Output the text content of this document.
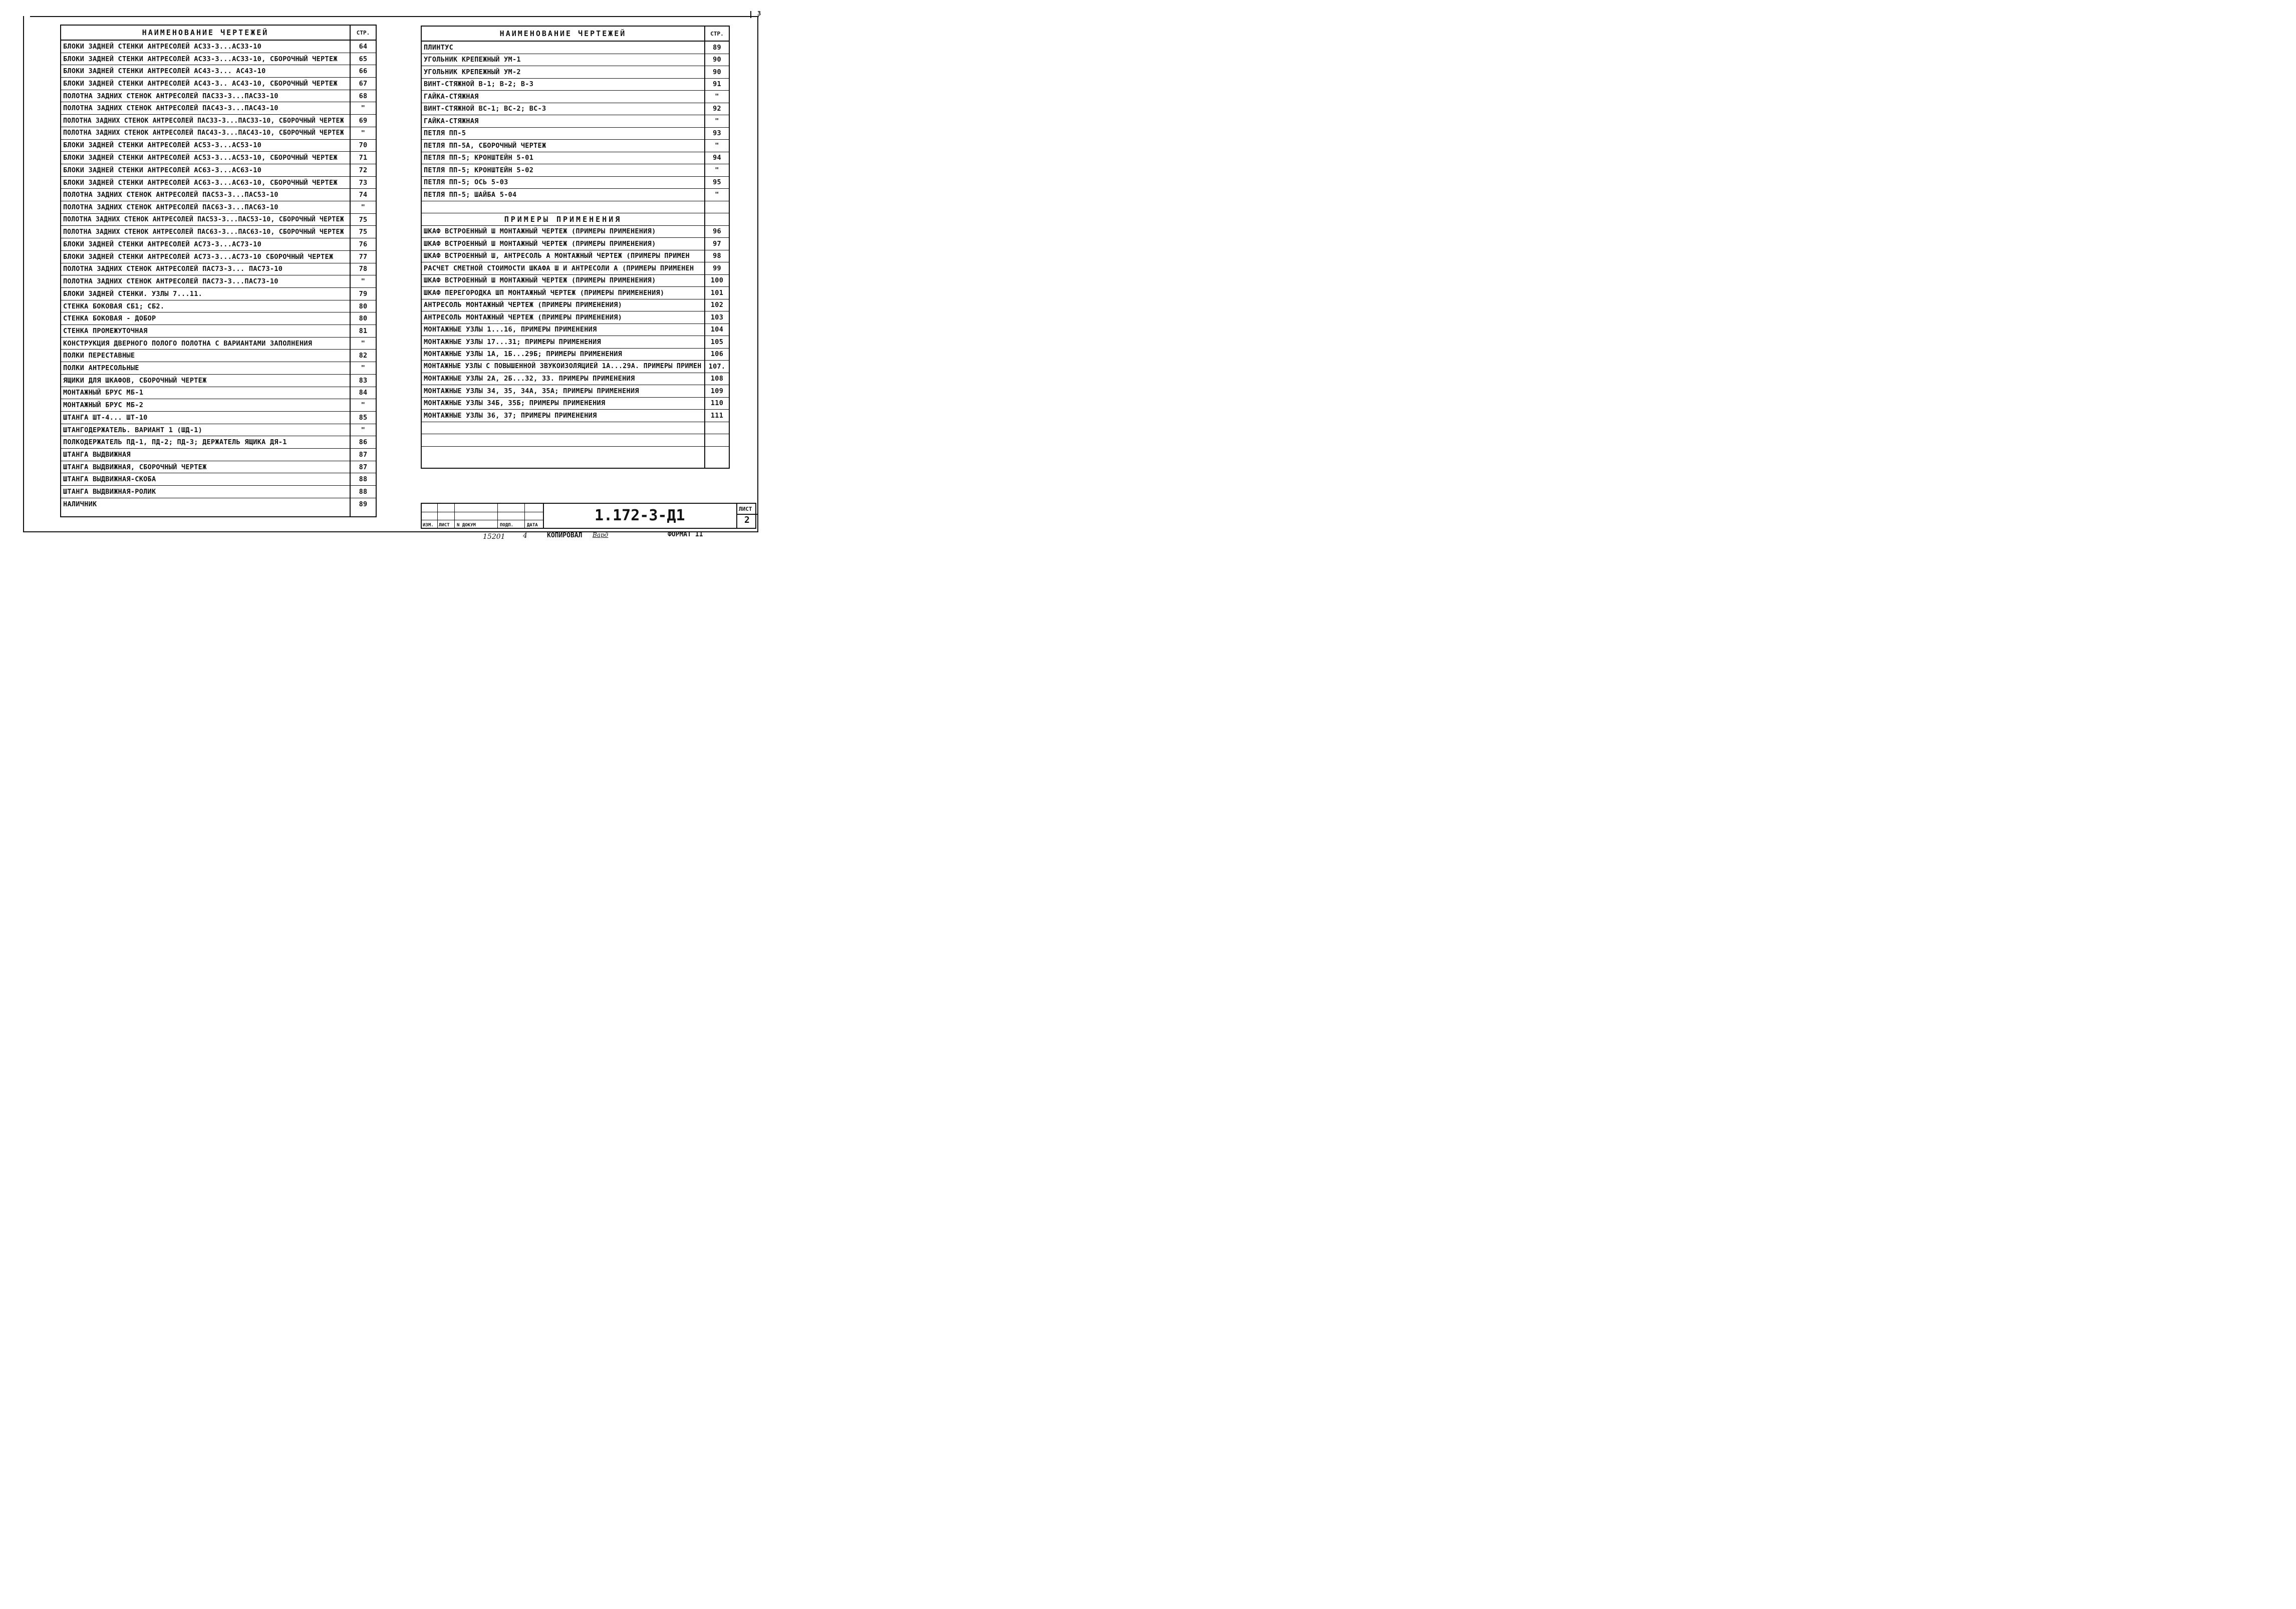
3
НАИМЕНОВАНИЕ ЧЕРТЕЖЕЙ	СТР.
БЛОКИ ЗАДНЕЙ СТЕНКИ АНТРЕСОЛЕЙ АС33-3...АС33-10	64
БЛОКИ ЗАДНЕЙ СТЕНКИ АНТРЕСОЛЕЙ АС33-3...АС33-10, СБОРОЧНЫЙ ЧЕРТЕЖ	65
БЛОКИ ЗАДНЕЙ СТЕНКИ АНТРЕСОЛЕЙ АС43-3... АС43-10	66
БЛОКИ ЗАДНЕЙ СТЕНКИ АНТРЕСОЛЕЙ АС43-3.. АС43-10, СБОРОЧНЫЙ ЧЕРТЕЖ	67
ПОЛОТНА ЗАДНИХ СТЕНОК АНТРЕСОЛЕЙ ПАС33-3...ПАС33-10	68
ПОЛОТНА ЗАДНИХ СТЕНОК АНТРЕСОЛЕЙ ПАС43-3...ПАС43-10	"
ПОЛОТНА ЗАДНИХ СТЕНОК АНТРЕСОЛЕЙ ПАС33-3...ПАС33-10, СБОРОЧНЫЙ ЧЕРТЕЖ	69
ПОЛОТНА ЗАДНИХ СТЕНОК АНТРЕСОЛЕЙ ПАС43-3...ПАС43-10, СБОРОЧНЫЙ ЧЕРТЕЖ	"
БЛОКИ ЗАДНЕЙ СТЕНКИ АНТРЕСОЛЕЙ АС53-3...АС53-10	70
БЛОКИ ЗАДНЕЙ СТЕНКИ АНТРЕСОЛЕЙ АС53-3...АС53-10, СБОРОЧНЫЙ ЧЕРТЕЖ	71
БЛОКИ ЗАДНЕЙ СТЕНКИ АНТРЕСОЛЕЙ АС63-3...АС63-10	72
БЛОКИ ЗАДНЕЙ СТЕНКИ АНТРЕСОЛЕЙ АС63-3...АС63-10, СБОРОЧНЫЙ ЧЕРТЕЖ	73
ПОЛОТНА ЗАДНИХ СТЕНОК АНТРЕСОЛЕЙ ПАС53-3...ПАС53-10	74
ПОЛОТНА ЗАДНИХ СТЕНОК АНТРЕСОЛЕЙ ПАС63-3...ПАС63-10	"
ПОЛОТНА ЗАДНИХ СТЕНОК АНТРЕСОЛЕЙ ПАС53-3...ПАС53-10, СБОРОЧНЫЙ ЧЕРТЕЖ	75
ПОЛОТНА ЗАДНИХ СТЕНОК АНТРЕСОЛЕЙ ПАС63-3...ПАС63-10, СБОРОЧНЫЙ ЧЕРТЕЖ	75
БЛОКИ ЗАДНЕЙ СТЕНКИ АНТРЕСОЛЕЙ АС73-3...АС73-10	76
БЛОКИ ЗАДНЕЙ СТЕНКИ АНТРЕСОЛЕЙ АС73-3...АС73-10 СБОРОЧНЫЙ ЧЕРТЕЖ	77
ПОЛОТНА ЗАДНИХ СТЕНОК АНТРЕСОЛЕЙ ПАС73-3... ПАС73-10	78
ПОЛОТНА ЗАДНИХ СТЕНОК АНТРЕСОЛЕЙ ПАС73-3...ПАС73-10	"
БЛОКИ ЗАДНЕЙ СТЕНКИ. УЗЛЫ 7...11.	79
СТЕНКА БОКОВАЯ СБ1; СБ2.	80
СТЕНКА БОКОВАЯ - ДОБОР	80
СТЕНКА ПРОМЕЖУТОЧНАЯ	81
КОНСТРУКЦИЯ ДВЕРНОГО ПОЛОГО ПОЛОТНА С ВАРИАНТАМИ ЗАПОЛНЕНИЯ	"
ПОЛКИ ПЕРЕСТАВНЫЕ	82
ПОЛКИ АНТРЕСОЛЬНЫЕ	"
ЯЩИКИ ДЛЯ ШКАФОВ, СБОРОЧНЫЙ ЧЕРТЕЖ	83
МОНТАЖНЫЙ БРУС МБ-1	84
МОНТАЖНЫЙ БРУС МБ-2	"
ШТАНГА ШТ-4... ШТ-10	85
ШТАНГОДЕРЖАТЕЛЬ. ВАРИАНТ 1 (ШД-1)	"
ПОЛКОДЕРЖАТЕЛЬ ПД-1, ПД-2; ПД-3; ДЕРЖАТЕЛЬ ЯЩИКА ДЯ-1	86
ШТАНГА ВЫДВИЖНАЯ	87
ШТАНГА ВЫДВИЖНАЯ, СБОРОЧНЫЙ ЧЕРТЕЖ	87
ШТАНГА ВЫДВИЖНАЯ-СКОБА	88
ШТАНГА ВЫДВИЖНАЯ-РОЛИК	88
НАЛИЧНИК	89
НАИМЕНОВАНИЕ ЧЕРТЕЖЕЙ	СТР.
ПЛИНТУС	89
УГОЛЬНИК КРЕПЕЖНЫЙ УМ-1	90
УГОЛЬНИК КРЕПЕЖНЫЙ УМ-2	90
ВИНТ-СТЯЖНОЙ В-1; В-2; В-3	91
ГАЙКА-СТЯЖНАЯ	"
ВИНТ-СТЯЖНОЙ ВС-1; ВС-2; ВС-3	92
ГАЙКА-СТЯЖНАЯ	"
ПЕТЛЯ ПП-5	93
ПЕТЛЯ ПП-5А, СБОРОЧНЫЙ ЧЕРТЕЖ	"
ПЕТЛЯ ПП-5; КРОНШТЕЙН 5-01	94
ПЕТЛЯ ПП-5; КРОНШТЕЙН 5-02	"
ПЕТЛЯ ПП-5; ОСЬ 5-03	95
ПЕТЛЯ ПП-5; ШАЙБА 5-04	"
ПРИМЕРЫ ПРИМЕНЕНИЯ
ШКАФ ВСТРОЕННЫЙ Ш МОНТАЖНЫЙ ЧЕРТЕЖ (ПРИМЕРЫ ПРИМЕНЕНИЯ)	96
ШКАФ ВСТРОЕННЫЙ Ш МОНТАЖНЫЙ ЧЕРТЕЖ (ПРИМЕРЫ ПРИМЕНЕНИЯ)	97
ШКАФ ВСТРОЕННЫЙ Ш, АНТРЕСОЛЬ А МОНТАЖНЫЙ ЧЕРТЕЖ (ПРИМЕРЫ ПРИМЕН	98
РАСЧЕТ СМЕТНОЙ СТОИМОСТИ ШКАФА Ш И АНТРЕСОЛИ А (ПРИМЕРЫ ПРИМЕНЕН	99
ШКАФ ВСТРОЕННЫЙ Ш МОНТАЖНЫЙ ЧЕРТЕЖ (ПРИМЕРЫ ПРИМЕНЕНИЯ)	100
ШКАФ ПЕРЕГОРОДКА ШП МОНТАЖНЫЙ ЧЕРТЕЖ (ПРИМЕРЫ ПРИМЕНЕНИЯ)	101
АНТРЕСОЛЬ МОНТАЖНЫЙ ЧЕРТЕЖ (ПРИМЕРЫ ПРИМЕНЕНИЯ)	102
АНТРЕСОЛЬ МОНТАЖНЫЙ ЧЕРТЕЖ (ПРИМЕРЫ ПРИМЕНЕНИЯ)	103
МОНТАЖНЫЕ УЗЛЫ 1...16, ПРИМЕРЫ ПРИМЕНЕНИЯ	104
МОНТАЖНЫЕ УЗЛЫ 17...31; ПРИМЕРЫ ПРИМЕНЕНИЯ	105
МОНТАЖНЫЕ УЗЛЫ 1А, 1Б...29Б; ПРИМЕРЫ ПРИМЕНЕНИЯ	106
МОНТАЖНЫЕ УЗЛЫ С ПОВЫШЕННОЙ ЗВУКОИЗОЛЯЦИЕЙ 1А...29А. ПРИМЕРЫ ПРИМЕН	107.
МОНТАЖНЫЕ УЗЛЫ 2А, 2Б...32, 33. ПРИМЕРЫ ПРИМЕНЕНИЯ	108
МОНТАЖНЫЕ УЗЛЫ 34, 35, 34А, 35А; ПРИМЕРЫ ПРИМЕНЕНИЯ	109
МОНТАЖНЫЕ УЗЛЫ 34Б, 35Б; ПРИМЕРЫ ПРИМЕНЕНИЯ	110
МОНТАЖНЫЕ УЗЛЫ 36, 37; ПРИМЕРЫ ПРИМЕНЕНИЯ	111
ИЗМ. ЛИСТ N ДОКУМ	ПОДП.	ДАТА
1.172-3-Д1	ЛИСТ
2
15201	4	КОПИРОВАЛ Вард	ФОРМАТ 11
